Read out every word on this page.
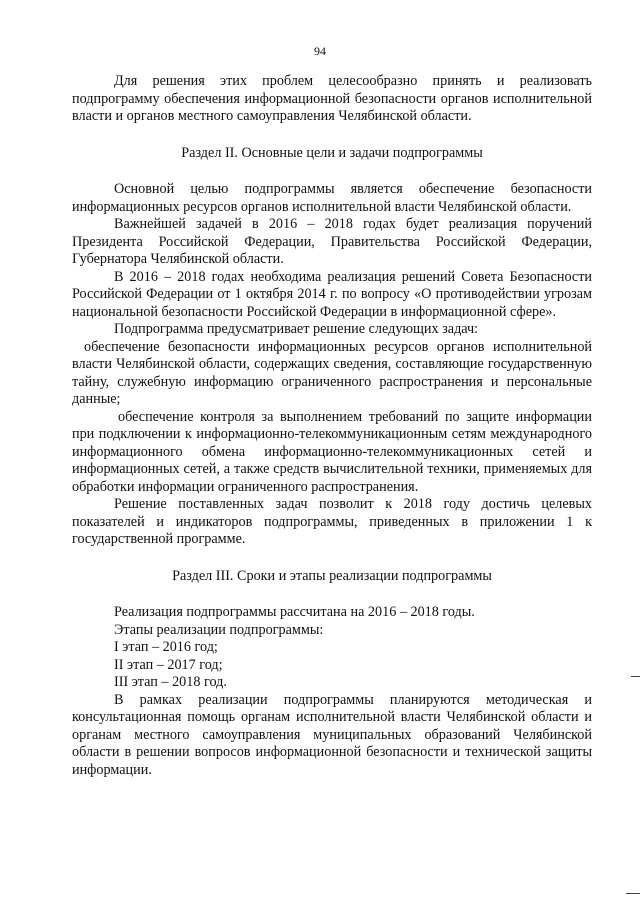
94

Для решения этих проблем целесообразно принять и реализовать подпрограмму обеспечения информационной безопасности органов исполнительной власти и органов местного самоуправления Челябинской области.

Раздел II. Основные цели и задачи подпрограммы

Основной целью подпрограммы является обеспечение безопасности информационных ресурсов органов исполнительной власти Челябинской области.

Важнейшей задачей в 2016 – 2018 годах будет реализация поручений Президента Российской Федерации, Правительства Российской Федерации, Губернатора Челябинской области.

В 2016 – 2018 годах необходима реализация решений Совета Безопасности Российской Федерации от 1 октября 2014 г. по вопросу «О противодействии угрозам национальной безопасности Российской Федерации в информационной сфере».

Подпрограмма предусматривает решение следующих задач:

обеспечение безопасности информационных ресурсов органов исполнительной власти Челябинской области, содержащих сведения, составляющие государственную тайну, служебную информацию ограниченного распространения и персональные данные;

обеспечение контроля за выполнением требований по защите информации при подключении к информационно-телекоммуникационным сетям международного информационного обмена информационно-телекоммуникационных сетей и информационных сетей, а также средств вычислительной техники, применяемых для обработки информации ограниченного распространения.

Решение поставленных задач позволит к 2018 году достичь целевых показателей и индикаторов подпрограммы, приведенных в приложении 1 к государственной программе.

Раздел III. Сроки и этапы реализации подпрограммы

Реализация подпрограммы рассчитана на 2016 – 2018 годы.

Этапы реализации подпрограммы:

I этап – 2016 год;

II этап – 2017 год;

III этап – 2018 год.

В рамках реализации подпрограммы планируются методическая и консультационная помощь органам исполнительной власти Челябинской области и органам местного самоуправления муниципальных образований Челябинской области в решении вопросов информационной безопасности и технической защиты информации.
